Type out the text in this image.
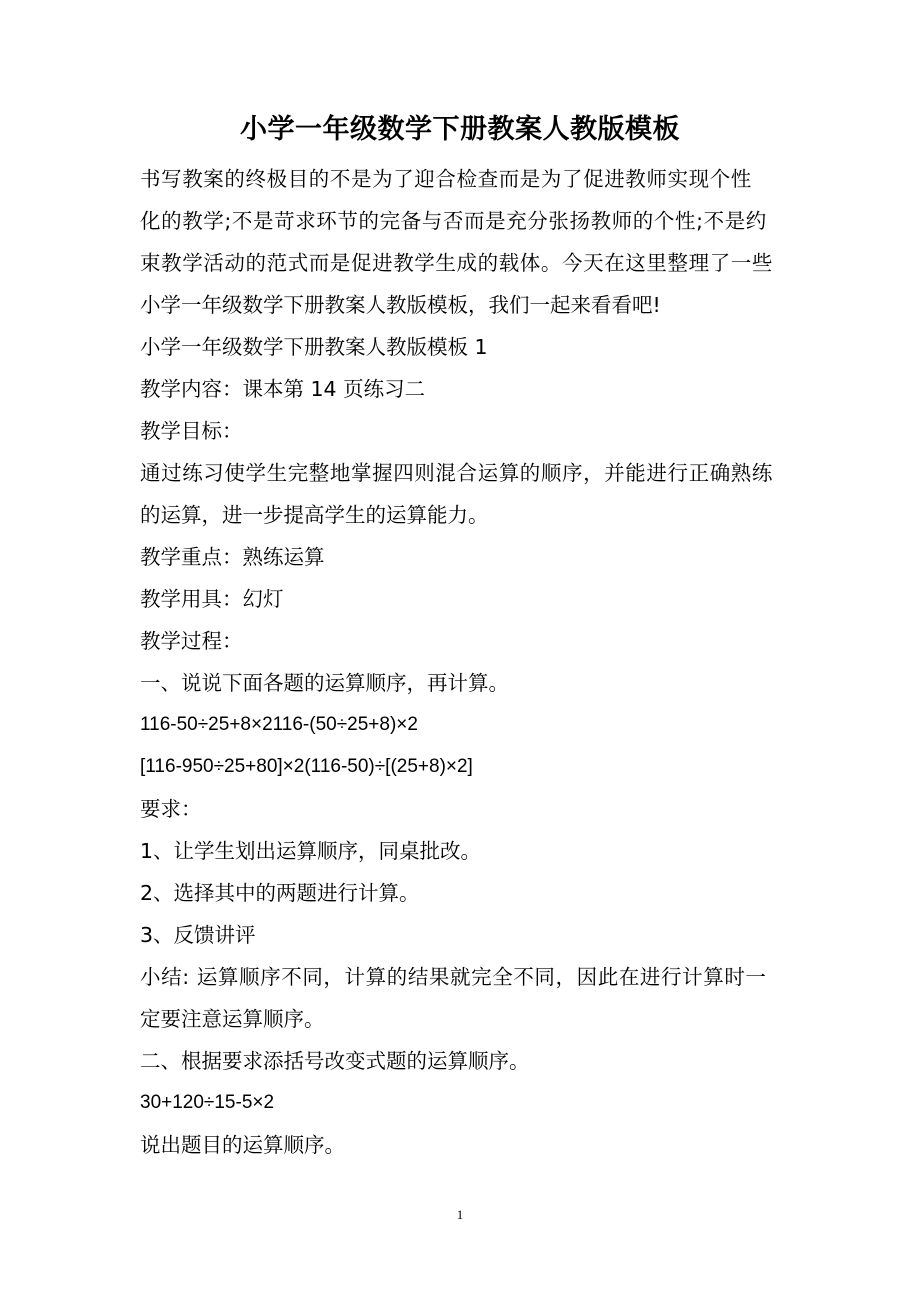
小学一年级数学下册教案人教版模板
书写教案的终极目的不是为了迎合检查而是为了促进教师实现个性
化的教学;不是苛求环节的完备与否而是充分张扬教师的个性;不是约
束教学活动的范式而是促进教学生成的载体。今天在这里整理了一些
小学一年级数学下册教案人教版模板，我们一起来看看吧!
小学一年级数学下册教案人教版模板 1
教学内容：课本第 14 页练习二
教学目标：
通过练习使学生完整地掌握四则混合运算的顺序，并能进行正确熟练
的运算，进一步提高学生的运算能力。
教学重点：熟练运算
教学用具：幻灯
教学过程：
一、说说下面各题的运算顺序，再计算。
116-50÷25+8×2116-(50÷25+8)×2
[116-950÷25+80]×2(116-50)÷[(25+8)×2]
要求：
1、让学生划出运算顺序，同桌批改。
2、选择其中的两题进行计算。
3、反馈讲评
小结: 运算顺序不同，计算的结果就完全不同，因此在进行计算时一
定要注意运算顺序。
二、根据要求添括号改变式题的运算顺序。
30+120÷15-5×2
说出题目的运算顺序。
1
